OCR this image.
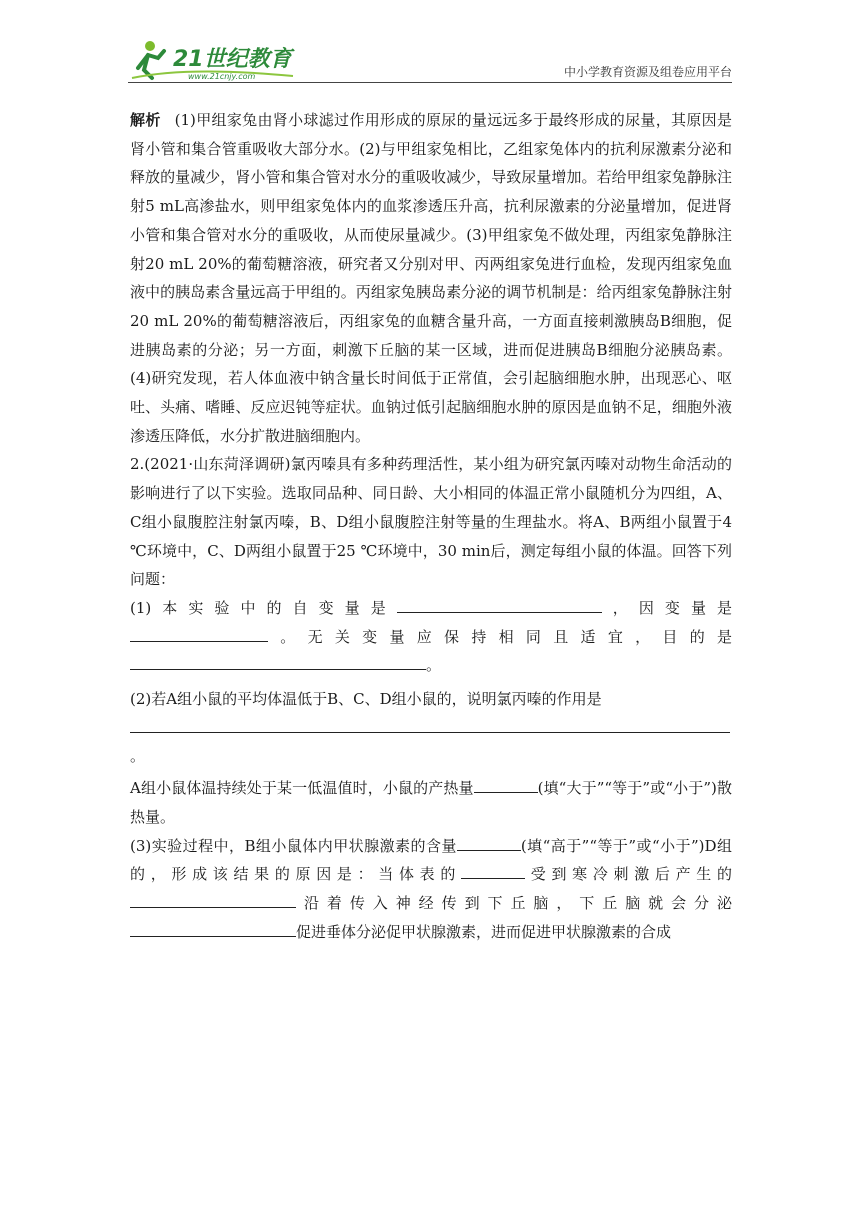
21世纪教育
www.21cnjy.com	中小学教育资源及组卷应用平台

解析 (1)甲组家兔由肾小球滤过作用形成的原尿的量远远多于最终形成的尿量，其原因是肾小管和集合管重吸收大部分水。(2)与甲组家兔相比，乙组家兔体内的抗利尿激素分泌和释放的量减少，肾小管和集合管对水分的重吸收减少，导致尿量增加。若给甲组家兔静脉注射5 mL高渗盐水，则甲组家兔体内的血浆渗透压升高，抗利尿激素的分泌量增加，促进肾小管和集合管对水分的重吸收，从而使尿量减少。(3)甲组家兔不做处理，丙组家兔静脉注射20 mL 20%的葡萄糖溶液，研究者又分别对甲、丙两组家兔进行血检，发现丙组家兔血液中的胰岛素含量远高于甲组的。丙组家兔胰岛素分泌的调节机制是：给丙组家兔静脉注射20 mL 20%的葡萄糖溶液后，丙组家兔的血糖含量升高，一方面直接刺激胰岛B细胞，促进胰岛素的分泌；另一方面，刺激下丘脑的某一区域，进而促进胰岛B细胞分泌胰岛素。(4)研究发现，若人体血液中钠含量长时间低于正常值，会引起脑细胞水肿，出现恶心、呕吐、头痛、嗜睡、反应迟钝等症状。血钠过低引起脑细胞水肿的原因是血钠不足，细胞外液渗透压降低，水分扩散进脑细胞内。

2.(2021·山东菏泽调研)氯丙嗪具有多种药理活性，某小组为研究氯丙嗪对动物生命活动的影响进行了以下实验。选取同品种、同日龄、大小相同的体温正常小鼠随机分为四组，A、C组小鼠腹腔注射氯丙嗪，B、D组小鼠腹腔注射等量的生理盐水。将A、B两组小鼠置于4 ℃环境中，C、D两组小鼠置于25 ℃环境中，30 min后，测定每组小鼠的体温。回答下列问题：

(1)本实验中的自变量是	，因变量是

。无关变量应保持相同且适宜，目的是

。

(2)若A组小鼠的平均体温低于B、C、D组小鼠的，说明氯丙嗪的作用是

。

A组小鼠体温持续处于某一低温值时，小鼠的产热量	(填“大于”“等于”或“小于”)散热量。

(3)实验过程中，B组小鼠体内甲状腺激素的含量	(填“高于”“等于”或“小于”)D组的，形成该结果的原因是：当体表的	受到寒冷刺激后产生的沿着传入神经传到下丘脑，下丘脑就会分泌促进垂体分泌促甲状腺激素，进而促进甲状腺激素的合成
